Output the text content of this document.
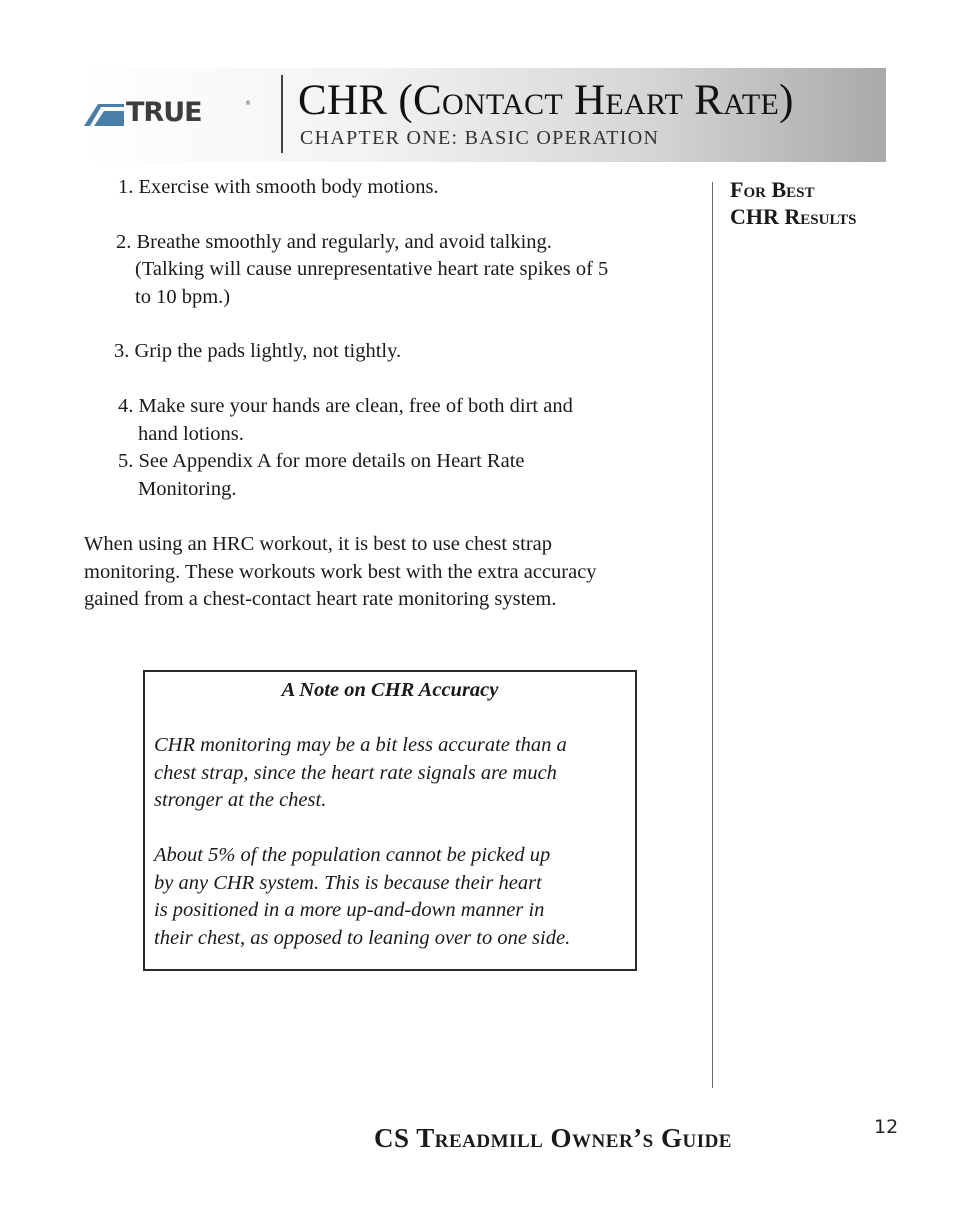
TRUE	® CHR (Contact Heart Rate)
CHAPTER ONE: BASIC OPERATION
1. Exercise with smooth body motions.
2. Breathe smoothly and regularly, and avoid talking.
(Talking will cause unrepresentative heart rate spikes of 5
to 10 bpm.)
3. Grip the pads lightly, not tightly.
4. Make sure your hands are clean, free of both dirt and
hand lotions.
5. See Appendix A for more details on Heart Rate
Monitoring.
When using an HRC workout, it is best to use chest strap
monitoring. These workouts work best with the extra accuracy
gained from a chest-contact heart rate monitoring system.
For Best
CHR Results
A Note on CHR Accuracy
CHR monitoring may be a bit less accurate than a
chest strap, since the heart rate signals are much
stronger at the chest.
About 5% of the population cannot be picked up
by any CHR system. This is because their heart
is positioned in a more up-and-down manner in
their chest, as opposed to leaning over to one side.
CS Treadmill Owner’s Guide	12
